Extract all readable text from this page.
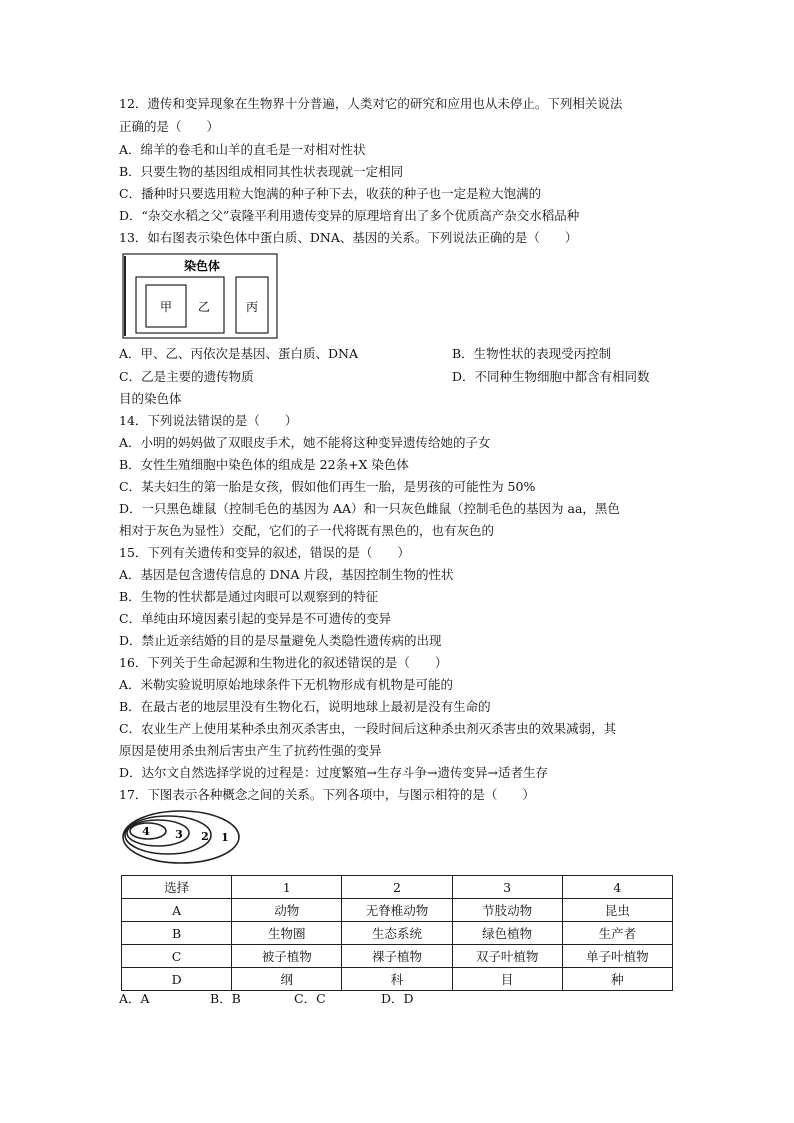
12．遗传和变异现象在生物界十分普遍，人类对它的研究和应用也从未停止。下列相关说法
正确的是（　　）
A．绵羊的卷毛和山羊的直毛是一对相对性状
B．只要生物的基因组成相同其性状表现就一定相同
C．播种时只要选用粒大饱满的种子种下去，收获的种子也一定是粒大饱满的
D．“杂交水稻之父”袁隆平利用遗传变异的原理培育出了多个优质高产杂交水稻品种
13．如右图表示染色体中蛋白质、DNA、基因的关系。下列说法正确的是（　　）
染色体
甲 乙	丙
A．甲、乙、丙依次是基因、蛋白质、DNA	B．生物性状的表现受丙控制
C．乙是主要的遗传物质	D．不同种生物细胞中都含有相同数
目的染色体
14．下列说法错误的是（　　）
A．小明的妈妈做了双眼皮手术，她不能将这种变异遗传给她的子女
B．女性生殖细胞中染色体的组成是 22条+X 染色体
C．某夫妇生的第一胎是女孩，假如他们再生一胎，是男孩的可能性为 50%
D．一只黑色雄鼠（控制毛色的基因为 AA）和一只灰色雌鼠（控制毛色的基因为 aa，黑色
相对于灰色为显性）交配，它们的子一代将既有黑色的，也有灰色的
15．下列有关遗传和变异的叙述，错误的是（　　）
A．基因是包含遗传信息的 DNA 片段，基因控制生物的性状
B．生物的性状都是通过肉眼可以观察到的特征
C．单纯由环境因素引起的变异是不可遗传的变异
D．禁止近亲结婚的目的是尽量避免人类隐性遗传病的出现
16．下列关于生命起源和生物进化的叙述错误的是（　　）
A．米勒实验说明原始地球条件下无机物形成有机物是可能的
B．在最古老的地层里没有生物化石，说明地球上最初是没有生命的
C．农业生产上使用某种杀虫剂灭杀害虫，一段时间后这种杀虫剂灭杀害虫的效果减弱，其
原因是使用杀虫剂后害虫产生了抗药性强的变异
D．达尔文自然选择学说的过程是：过度繁殖→生存斗争→遗传变异→适者生存
17．下图表示各种概念之间的关系。下列各项中，与图示相符的是（　　）
4 3 2 1
选择	1	2	3	4
A	动物	无脊椎动物	节肢动物	昆虫
B	生物圈	生态系统	绿色植物	生产者
C	被子植物	裸子植物	双子叶植物	单子叶植物
D	纲	科	目	种
A．A	B．B	C．C	D．D
